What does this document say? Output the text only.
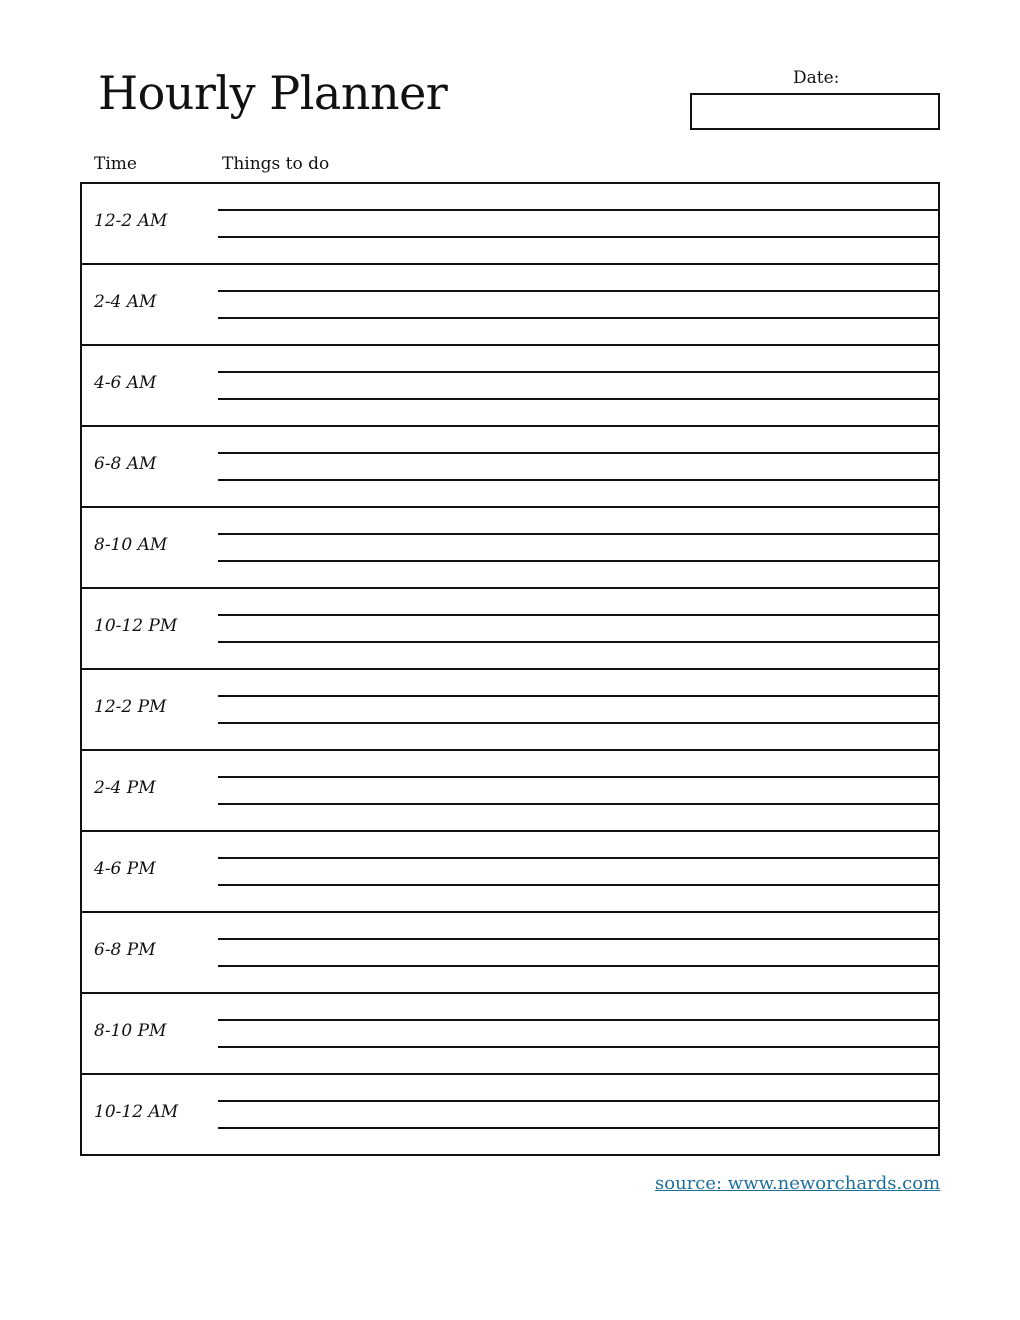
Hourly Planner	Date:
Time	Things to do
12-2 AM
2-4 AM
4-6 AM
6-8 AM
8-10 AM
10-12 PM
12-2 PM
2-4 PM
4-6 PM
6-8 PM
8-10 PM
10-12 AM
source: www.neworchards.com
